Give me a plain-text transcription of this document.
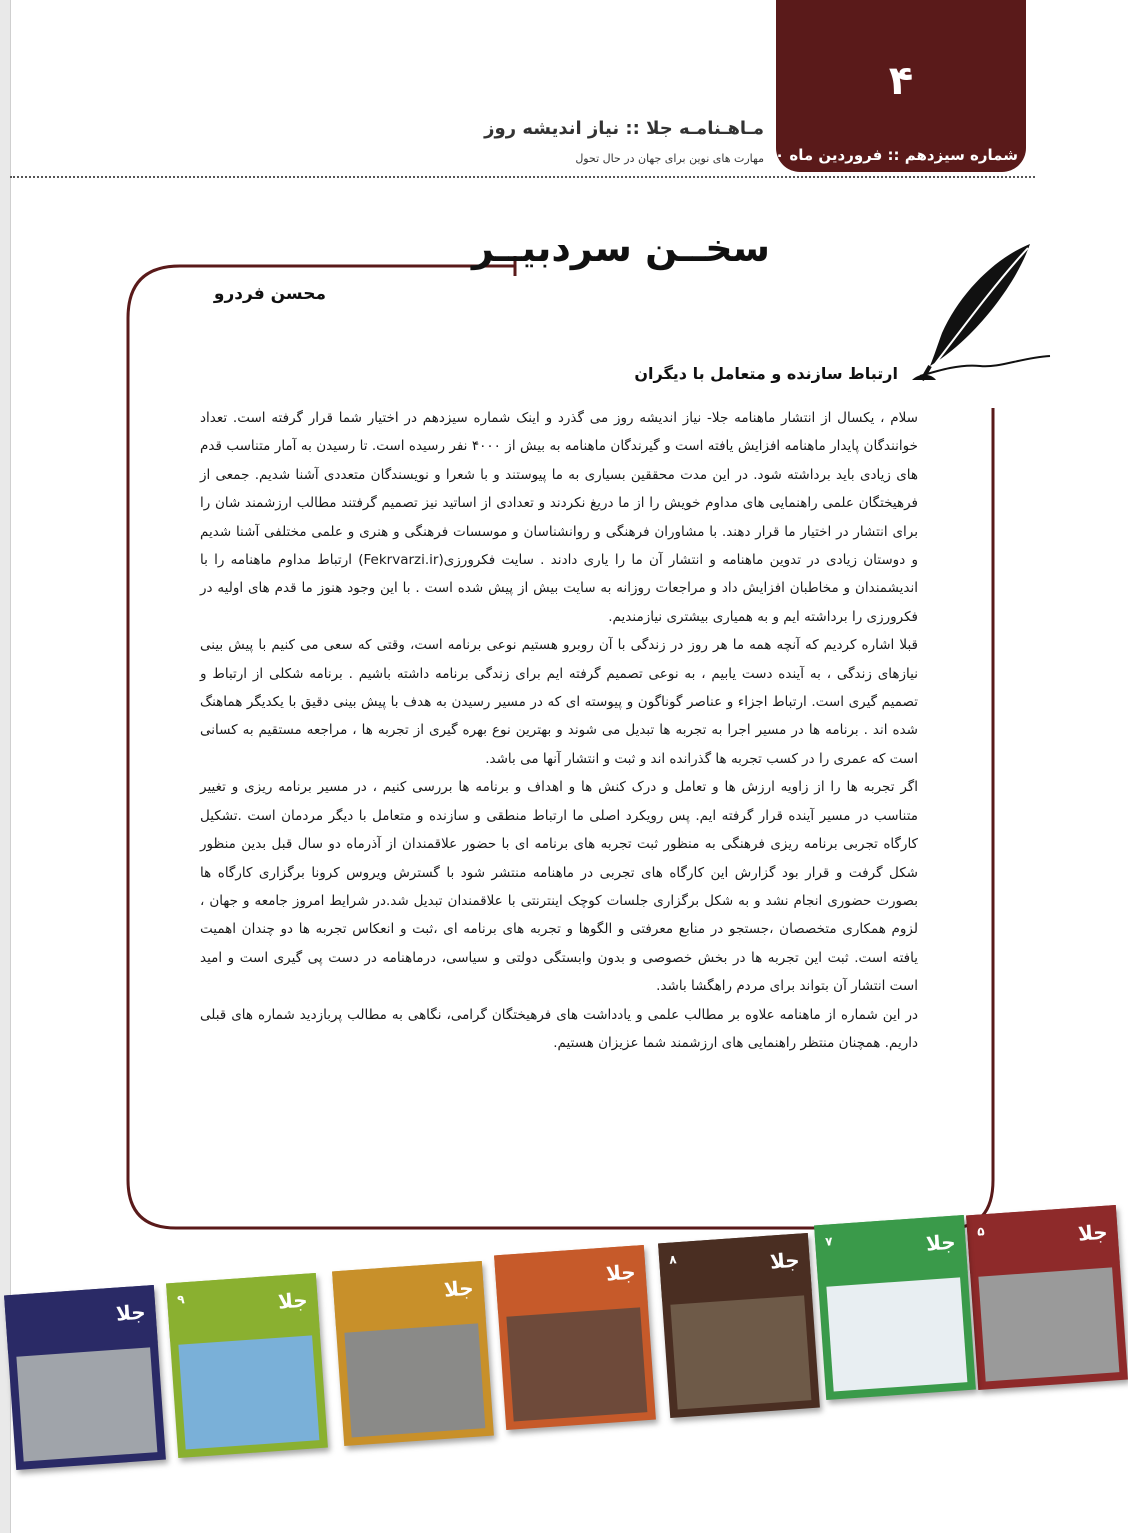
۴
شماره سیزدهم :: فروردین ماه ۱۴۰۰
مـاهـنامـه جلا :: نیاز اندیشه روز
مهارت های نوین برای جهان در حال تحول
سخــن سردبیــر
محسن فردرو
ارتباط سازنده و متعامل با دیگران

سلام ، یکسال از انتشار ماهنامه جلا- نیاز اندیشه روز می گذرد و اینک شماره سیزدهم در اختیار شما قرار گرفته است. تعداد خوانندگان پایدار ماهنامه افزایش یافته است و گیرندگان ماهنامه به بیش از ۴۰۰۰ نفر رسیده است. تا رسیدن به آمار متناسب قدم های زیادی باید برداشته شود. در این مدت محققین بسیاری به ما پیوستند و با شعرا و نویسندگان متعددی آشنا شدیم. جمعی از فرهیختگان علمی راهنمایی های مداوم خویش را از ما دریغ نکردند و تعدادی از اساتید نیز تصمیم گرفتند مطالب ارزشمند شان را برای انتشار در اختیار ما قرار دهند. با مشاوران فرهنگی و روانشناسان و موسسات فرهنگی و هنری و علمی مختلفی آشنا شدیم و دوستان زیادی در تدوین ماهنامه و انتشار آن ما را یاری دادند . سایت فکرورزی(Fekrvarzi.ir) ارتباط مداوم ماهنامه را با اندیشمندان و مخاطبان افزایش داد و مراجعات روزانه به سایت بیش از پیش شده است . با این وجود هنوز ما قدم های اولیه در فکرورزی را برداشته ایم و به همیاری بیشتری نیازمندیم.

قبلا اشاره کردیم که آنچه همه ما هر روز در زندگی با آن روبرو هستیم نوعی برنامه است، وقتی که سعی می کنیم با پیش بینی نیازهای زندگی ، به آینده دست یابیم ، به نوعی تصمیم گرفته ایم برای زندگی برنامه داشته باشیم . برنامه شکلی از ارتباط و تصمیم گیری است. ارتباط اجزاء و عناصر گوناگون و پیوسته ای که در مسیر رسیدن به هدف با پیش بینی دقیق با یکدیگر هماهنگ شده اند . برنامه ها در مسیر اجرا به تجربه ها تبدیل می شوند و بهترین نوع بهره گیری از تجربه ها ، مراجعه مستقیم به کسانی است که عمری را در کسب تجربه ها گذرانده اند و ثبت و انتشار آنها می باشد.

اگر تجربه ها را از زاویه ارزش ها و تعامل و درک کنش ها و اهداف و برنامه ها بررسی کنیم ، در مسیر برنامه ریزی و تغییر متناسب در مسیر آینده قرار گرفته ایم. پس رویکرد اصلی ما ارتباط منطقی و سازنده و متعامل با دیگر مردمان است .تشکیل کارگاه تجربی برنامه ریزی فرهنگی به منظور ثبت تجربه های برنامه ای با حضور علاقمندان از آذرماه دو سال قبل بدین منظور شکل گرفت و قرار بود گزارش این کارگاه های تجربی در ماهنامه منتشر شود با گسترش ویروس کرونا برگزاری کارگاه ها بصورت حضوری انجام نشد و به شکل برگزاری جلسات کوچک اینترنتی با علاقمندان تبدیل شد.در شرایط امروز جامعه و جهان ، لزوم همکاری متخصصان ،جستجو در منابع معرفتی و الگوها و تجربه های برنامه ای ،ثبت و انعکاس تجربه ها دو چندان اهمیت یافته است. ثبت این تجربه ها در بخش خصوصی و بدون وابستگی دولتی و سیاسی، درماهنامه در دست پی گیری است و امید است انتشار آن بتواند برای مردم راهگشا باشد.

در این شماره از ماهنامه علاوه بر مطالب علمی و یادداشت های فرهیختگان گرامی، نگاهی به مطالب پربازدید شماره های قبلی داریم. همچنان منتظر راهنمایی های ارزشمند شما عزیزان هستیم.

جلا
۵
جلا
۷
جلا
۸
جلا
جلا
جلا
۹
جلا
